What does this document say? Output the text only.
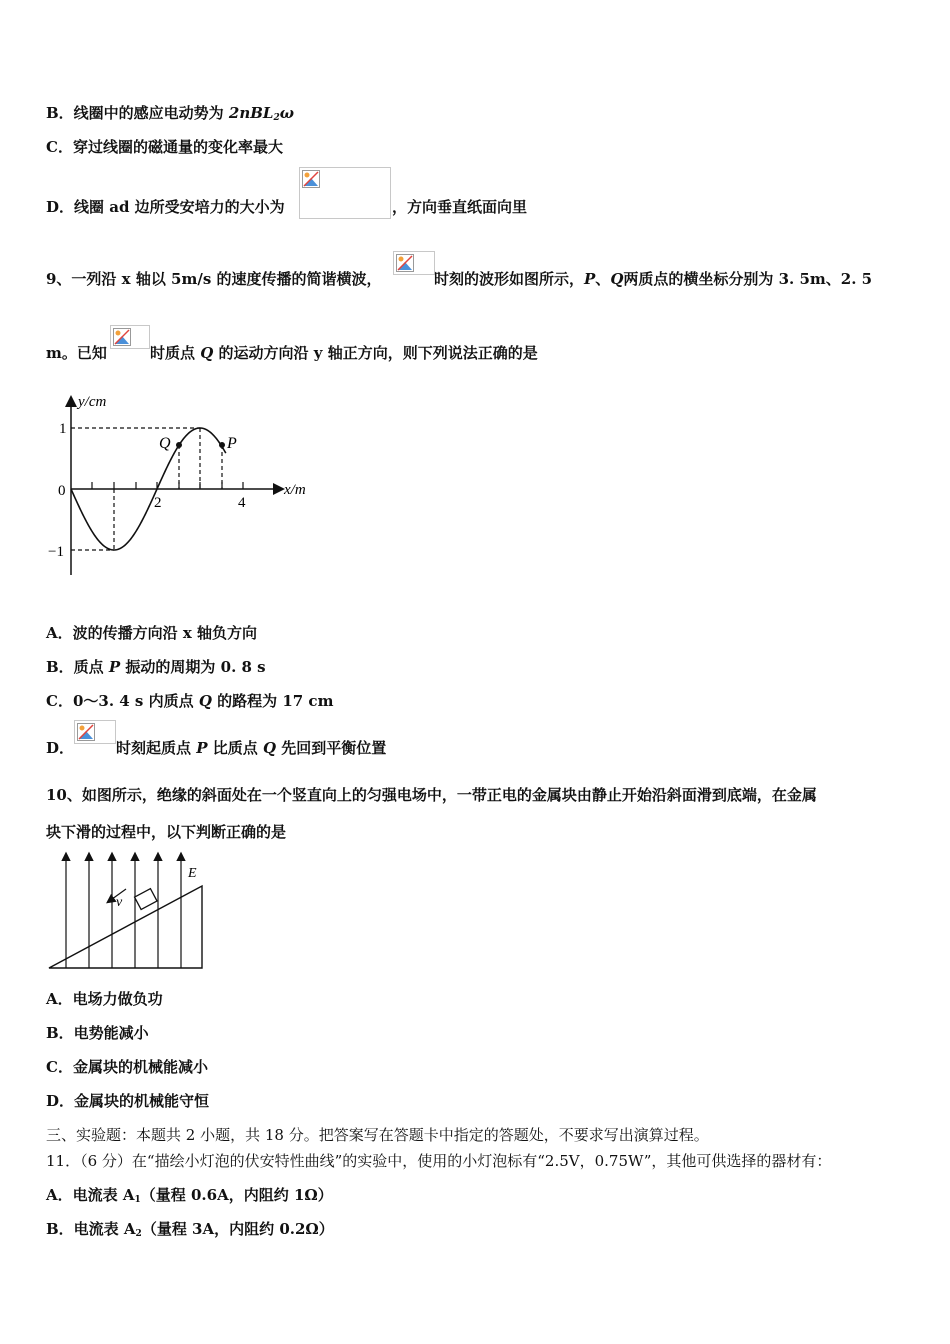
B．线圈中的感应电动势为 2nBL$_2$ω
C．穿过线圈的磁通量的变化率最大
D．线圈 ad 边所受安培力的大小为	，方向垂直纸面向里
9、一列沿 x 轴以 5m/s 的速度传播的简谐横波，	时刻的波形如图所示，P、Q两质点的横坐标分别为 3. 5m、2. 5
m。已知	时质点 Q 的运动方向沿 y 轴正方向，则下列说法正确的是
y/cm
x/m
1
−1
0
2	4
Q	P
A．波的传播方向沿 x 轴负方向
B．质点 P 振动的周期为 0. 8 s
C．0～3. 4 s 内质点 Q 的路程为 17 cm
D．	时刻起质点 P 比质点 Q 先回到平衡位置
10、如图所示，绝缘的斜面处在一个竖直向上的匀强电场中，一带正电的金属块由静止开始沿斜面滑到底端，在金属
块下滑的过程中，以下判断正确的是
v
E
A．电场力做负功
B．电势能减小
C．金属块的机械能减小
D．金属块的机械能守恒
三、实验题：本题共 2 小题，共 18 分。把答案写在答题卡中指定的答题处，不要求写出演算过程。
11．（6 分）在“描绘小灯泡的伏安特性曲线”的实验中，使用的小灯泡标有“2.5V，0.75W”，其他可供选择的器材有：
A．电流表 $A_1$（量程 0.6A，内阻约 1Ω）
B．电流表 $A_2$（量程 3A，内阻约 0.2Ω）
